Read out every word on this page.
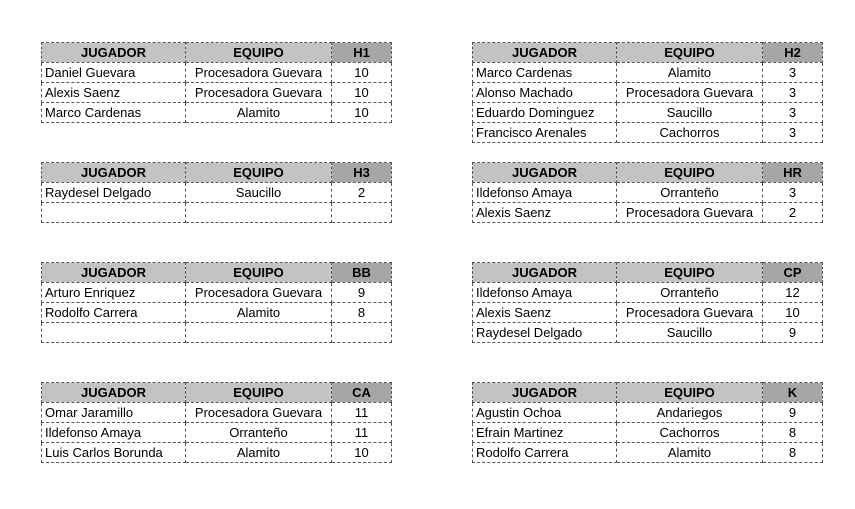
JUGADOR	EQUIPO	H1
Daniel Guevara	Procesadora Guevara	10
Alexis Saenz	Procesadora Guevara	10
Marco Cardenas	Alamito	10
JUGADOR	EQUIPO	H2
Marco Cardenas	Alamito	3
Alonso Machado	Procesadora Guevara	3
Eduardo Dominguez	Saucillo	3
Francisco Arenales	Cachorros	3
JUGADOR	EQUIPO	H3
Raydesel Delgado	Saucillo	2

JUGADOR	EQUIPO	HR
Ildefonso Amaya	Orranteño	3
Alexis Saenz	Procesadora Guevara	2
JUGADOR	EQUIPO	BB
Arturo Enriquez	Procesadora Guevara	9
Rodolfo Carrera	Alamito	8

JUGADOR	EQUIPO	CP
Ildefonso Amaya	Orranteño	12
Alexis Saenz	Procesadora Guevara	10
Raydesel Delgado	Saucillo	9
JUGADOR	EQUIPO	CA
Omar Jaramillo	Procesadora Guevara	11
Ildefonso Amaya	Orranteño	11
Luis Carlos Borunda	Alamito	10
JUGADOR	EQUIPO	K
Agustin Ochoa	Andariegos	9
Efrain Martinez	Cachorros	8
Rodolfo Carrera	Alamito	8
